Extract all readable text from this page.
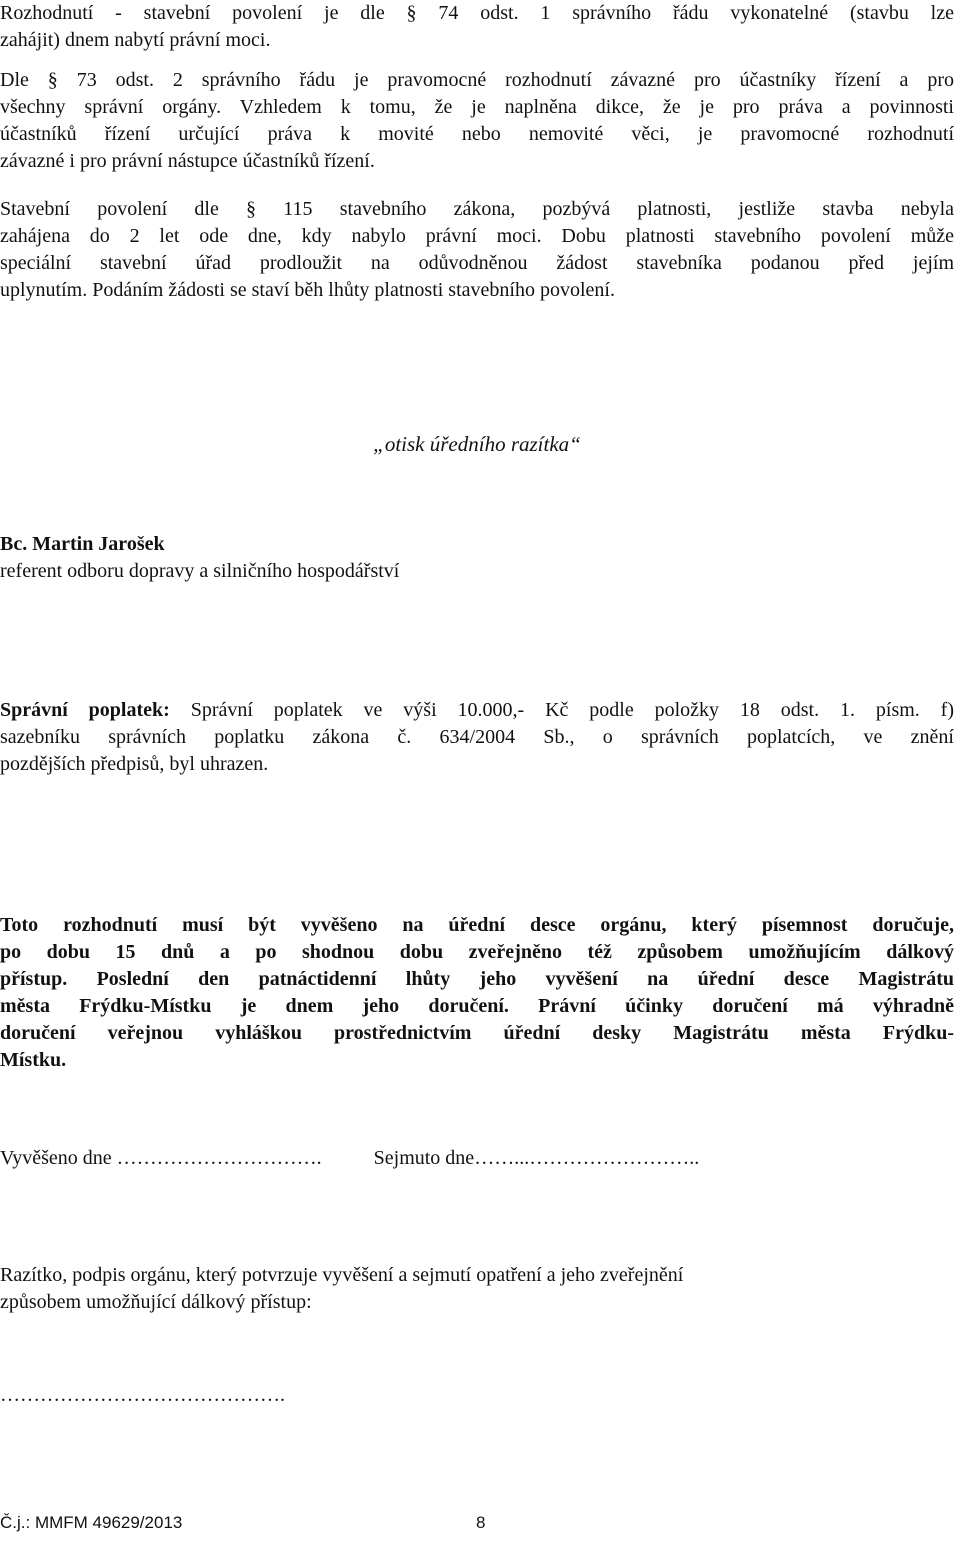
Rozhodnutí - stavební povolení je dle § 74 odst. 1 správního řádu vykonatelné (stavbu lze
zahájit) dnem nabytí právní moci.

Dle § 73 odst. 2 správního řádu je pravomocné rozhodnutí závazné pro účastníky řízení a pro
všechny správní orgány. Vzhledem k tomu, že je naplněna dikce, že je pro práva a povinnosti
účastníků řízení určující práva k movité nebo nemovité věci, je pravomocné rozhodnutí
závazné i pro právní nástupce účastníků řízení.

Stavební povolení dle § 115 stavebního zákona, pozbývá platnosti, jestliže stavba nebyla
zahájena do 2 let ode dne, kdy nabylo právní moci. Dobu platnosti stavebního povolení může
speciální stavební úřad prodloužit na odůvodněnou žádost stavebníka podanou před jejím
uplynutím. Podáním žádosti se staví běh lhůty platnosti stavebního povolení.

„otisk úředního razítka“

Bc. Martin Jarošek
referent odboru dopravy a silničního hospodářství

Správní poplatek: Správní poplatek ve výši 10.000,- Kč podle položky 18 odst. 1. písm. f)
sazebníku správních poplatku zákona č. 634/2004 Sb., o správních poplatcích, ve znění
pozdějších předpisů, byl uhrazen.

Toto rozhodnutí musí být vyvěšeno na úřední desce orgánu, který písemnost doručuje,
po dobu 15 dnů a po shodnou dobu zveřejněno též způsobem umožňujícím dálkový
přístup. Poslední den patnáctidenní lhůty jeho vyvěšení na úřední desce Magistrátu
města Frýdku-Místku je dnem jeho doručení. Právní účinky doručení má výhradně
doručení veřejnou vyhláškou prostřednictvím úřední desky Magistrátu města Frýdku-
Místku.

Vyvěšeno dne ………………………….	Sejmuto dne……...……………………..

Razítko, podpis orgánu, který potvrzuje vyvěšení a sejmutí opatření a jeho zveřejnění
způsobem umožňující dálkový přístup:

…………………………………….
Č.j.: MMFM 49629/2013	8
